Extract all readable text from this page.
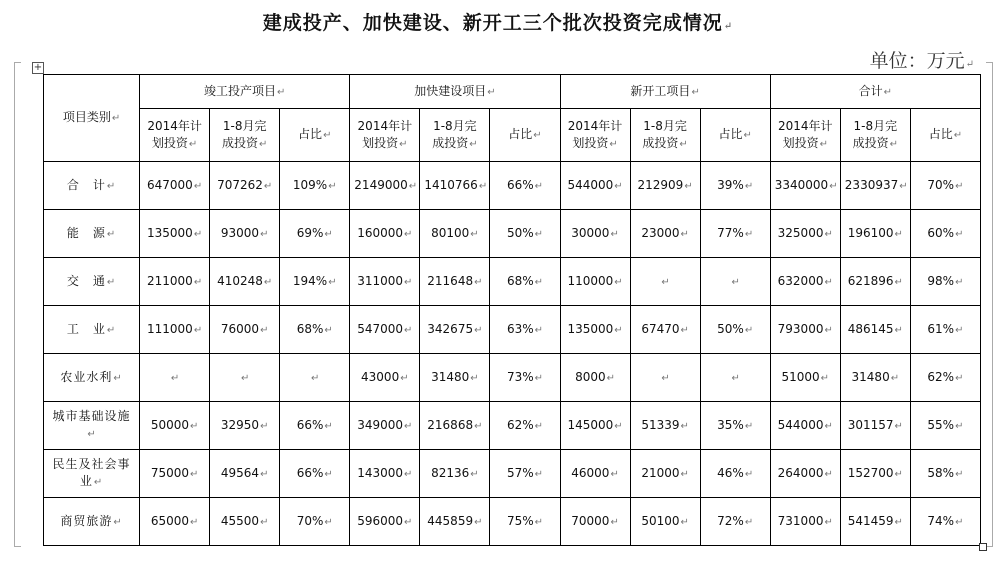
建成投产、加快建设、新开工三个批次投资完成情况↵
单位：万元↵
+
项目类别↵	竣工投产项目↵			加快建设项目↵			新开工项目↵			合计↵		
	2014年计
划投资↵	1-8月完
成投资↵	占比↵	2014年计
划投资↵	1-8月完
成投资↵	占比↵	2014年计
划投资↵	1-8月完
成投资↵	占比↵	2014年计
划投资↵	1-8月完
成投资↵	占比↵
合　计↵	647000↵	707262↵	109%↵	2149000↵	1410766↵	66%↵	544000↵	212909↵	39%↵	3340000↵	2330937↵	70%↵
能　源↵	135000↵	93000↵	69%↵	160000↵	80100↵	50%↵	30000↵	23000↵	77%↵	325000↵	196100↵	60%↵
交　通↵	211000↵	410248↵	194%↵	311000↵	211648↵	68%↵	110000↵	↵	↵	632000↵	621896↵	98%↵
工　业↵	111000↵	76000↵	68%↵	547000↵	342675↵	63%↵	135000↵	67470↵	50%↵	793000↵	486145↵	61%↵
农业水利↵	↵	↵	↵	43000↵	31480↵	73%↵	8000↵	↵	↵	51000↵	31480↵	62%↵
城市基础设施↵	50000↵	32950↵	66%↵	349000↵	216868↵	62%↵	145000↵	51339↵	35%↵	544000↵	301157↵	55%↵
民生及社会事业↵	75000↵	49564↵	66%↵	143000↵	82136↵	57%↵	46000↵	21000↵	46%↵	264000↵	152700↵	58%↵
商贸旅游↵	65000↵	45500↵	70%↵	596000↵	445859↵	75%↵	70000↵	50100↵	72%↵	731000↵	541459↵	74%↵
